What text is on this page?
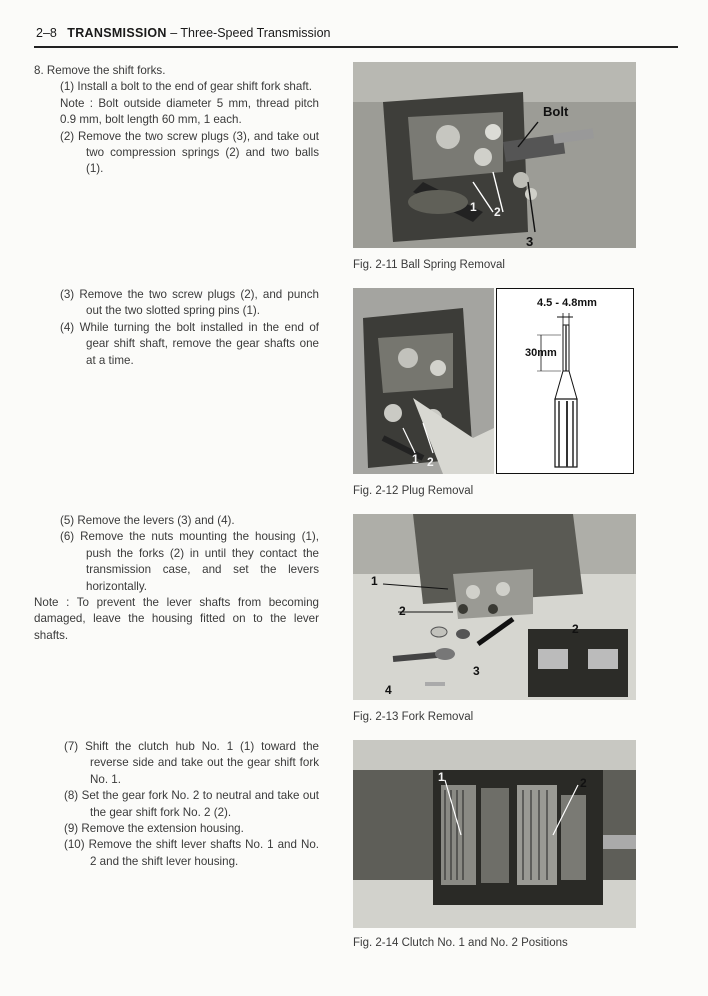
2–8 TRANSMISSION – Three-Speed Transmission

8. Remove the shift forks.

(1) Install a bolt to the end of gear shift fork shaft.

Note : Bolt outside diameter 5 mm, thread pitch 0.9 mm, bolt length 60 mm, 1 each.

(2) Remove the two screw plugs (3), and take out two compression springs (2) and two balls (1).

(3) Remove the two screw plugs (2), and punch out the two slotted spring pins (1).

(4) While turning the bolt installed in the end of gear shift shaft, remove the gear shafts one at a time.

(5) Remove the levers (3) and (4).

(6) Remove the nuts mounting the housing (1), push the forks (2) in until they contact the transmission case, and set the levers horizontally.

Note : To prevent the lever shafts from becoming damaged, leave the housing fitted on to the lever shafts.

(7) Shift the clutch hub No. 1 (1) toward the reverse side and take out the gear shift fork No. 1.

(8) Set the gear fork No. 2 to neutral and take out the gear shift fork No. 2 (2).

(9) Remove the extension housing.

(10) Remove the shift lever shafts No. 1 and No. 2 and the shift lever housing.

Bolt
1 2
3
Fig. 2-11 Ball Spring Removal
1 2
4.5 - 4.8mm
30mm
Fig. 2-12 Plug Removal
1
2
3
4
2
Fig. 2-13 Fork Removal
1	2
Fig. 2-14 Clutch No. 1 and No. 2 Positions
